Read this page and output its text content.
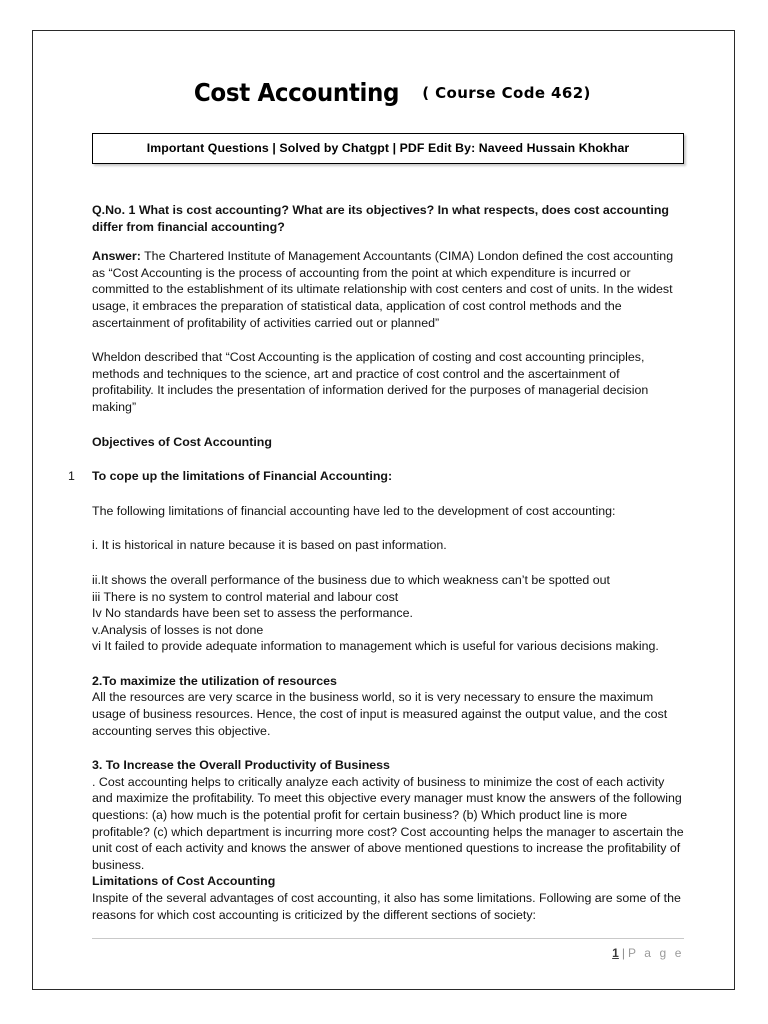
Cost Accounting ( Course Code 462)
Important Questions | Solved by Chatgpt | PDF Edit By: Naveed Hussain Khokhar

Q.No. 1 What is cost accounting? What are its objectives? In what respects, does cost accounting differ from financial accounting?

Answer: The Chartered Institute of Management Accountants (CIMA) London defined the cost accounting as “Cost Accounting is the process of accounting from the point at which expenditure is incurred or committed to the establishment of its ultimate relationship with cost centers and cost of units. In the widest usage, it embraces the preparation of statistical data, application of cost control methods and the ascertainment of profitability of activities carried out or planned”

Wheldon described that “Cost Accounting is the application of costing and cost accounting principles, methods and techniques to the science, art and practice of cost control and the ascertainment of profitability. It includes the presentation of information derived for the purposes of managerial decision making”

Objectives of Cost Accounting

1 To cope up the limitations of Financial Accounting:

The following limitations of financial accounting have led to the development of cost accounting:

i. It is historical in nature because it is based on past information.

ii.It shows the overall performance of the business due to which weakness can’t be spotted out

iii There is no system to control material and labour cost

Iv No standards have been set to assess the performance.

v.Analysis of losses is not done

vi It failed to provide adequate information to management which is useful for various decisions making.

2.To maximize the utilization of resources

All the resources are very scarce in the business world, so it is very necessary to ensure the maximum usage of business resources. Hence, the cost of input is measured against the output value, and the cost accounting serves this objective.

3. To Increase the Overall Productivity of Business

. Cost accounting helps to critically analyze each activity of business to minimize the cost of each activity and maximize the profitability. To meet this objective every manager must know the answers of the following questions: (a) how much is the potential profit for certain business? (b) Which product line is more profitable? (c) which department is incurring more cost? Cost accounting helps the manager to ascertain the unit cost of each activity and knows the answer of above mentioned questions to increase the profitability of business.

Limitations of Cost Accounting

Inspite of the several advantages of cost accounting, it also has some limitations. Following are some of the reasons for which cost accounting is criticized by the different sections of society:

1 | P a g e
